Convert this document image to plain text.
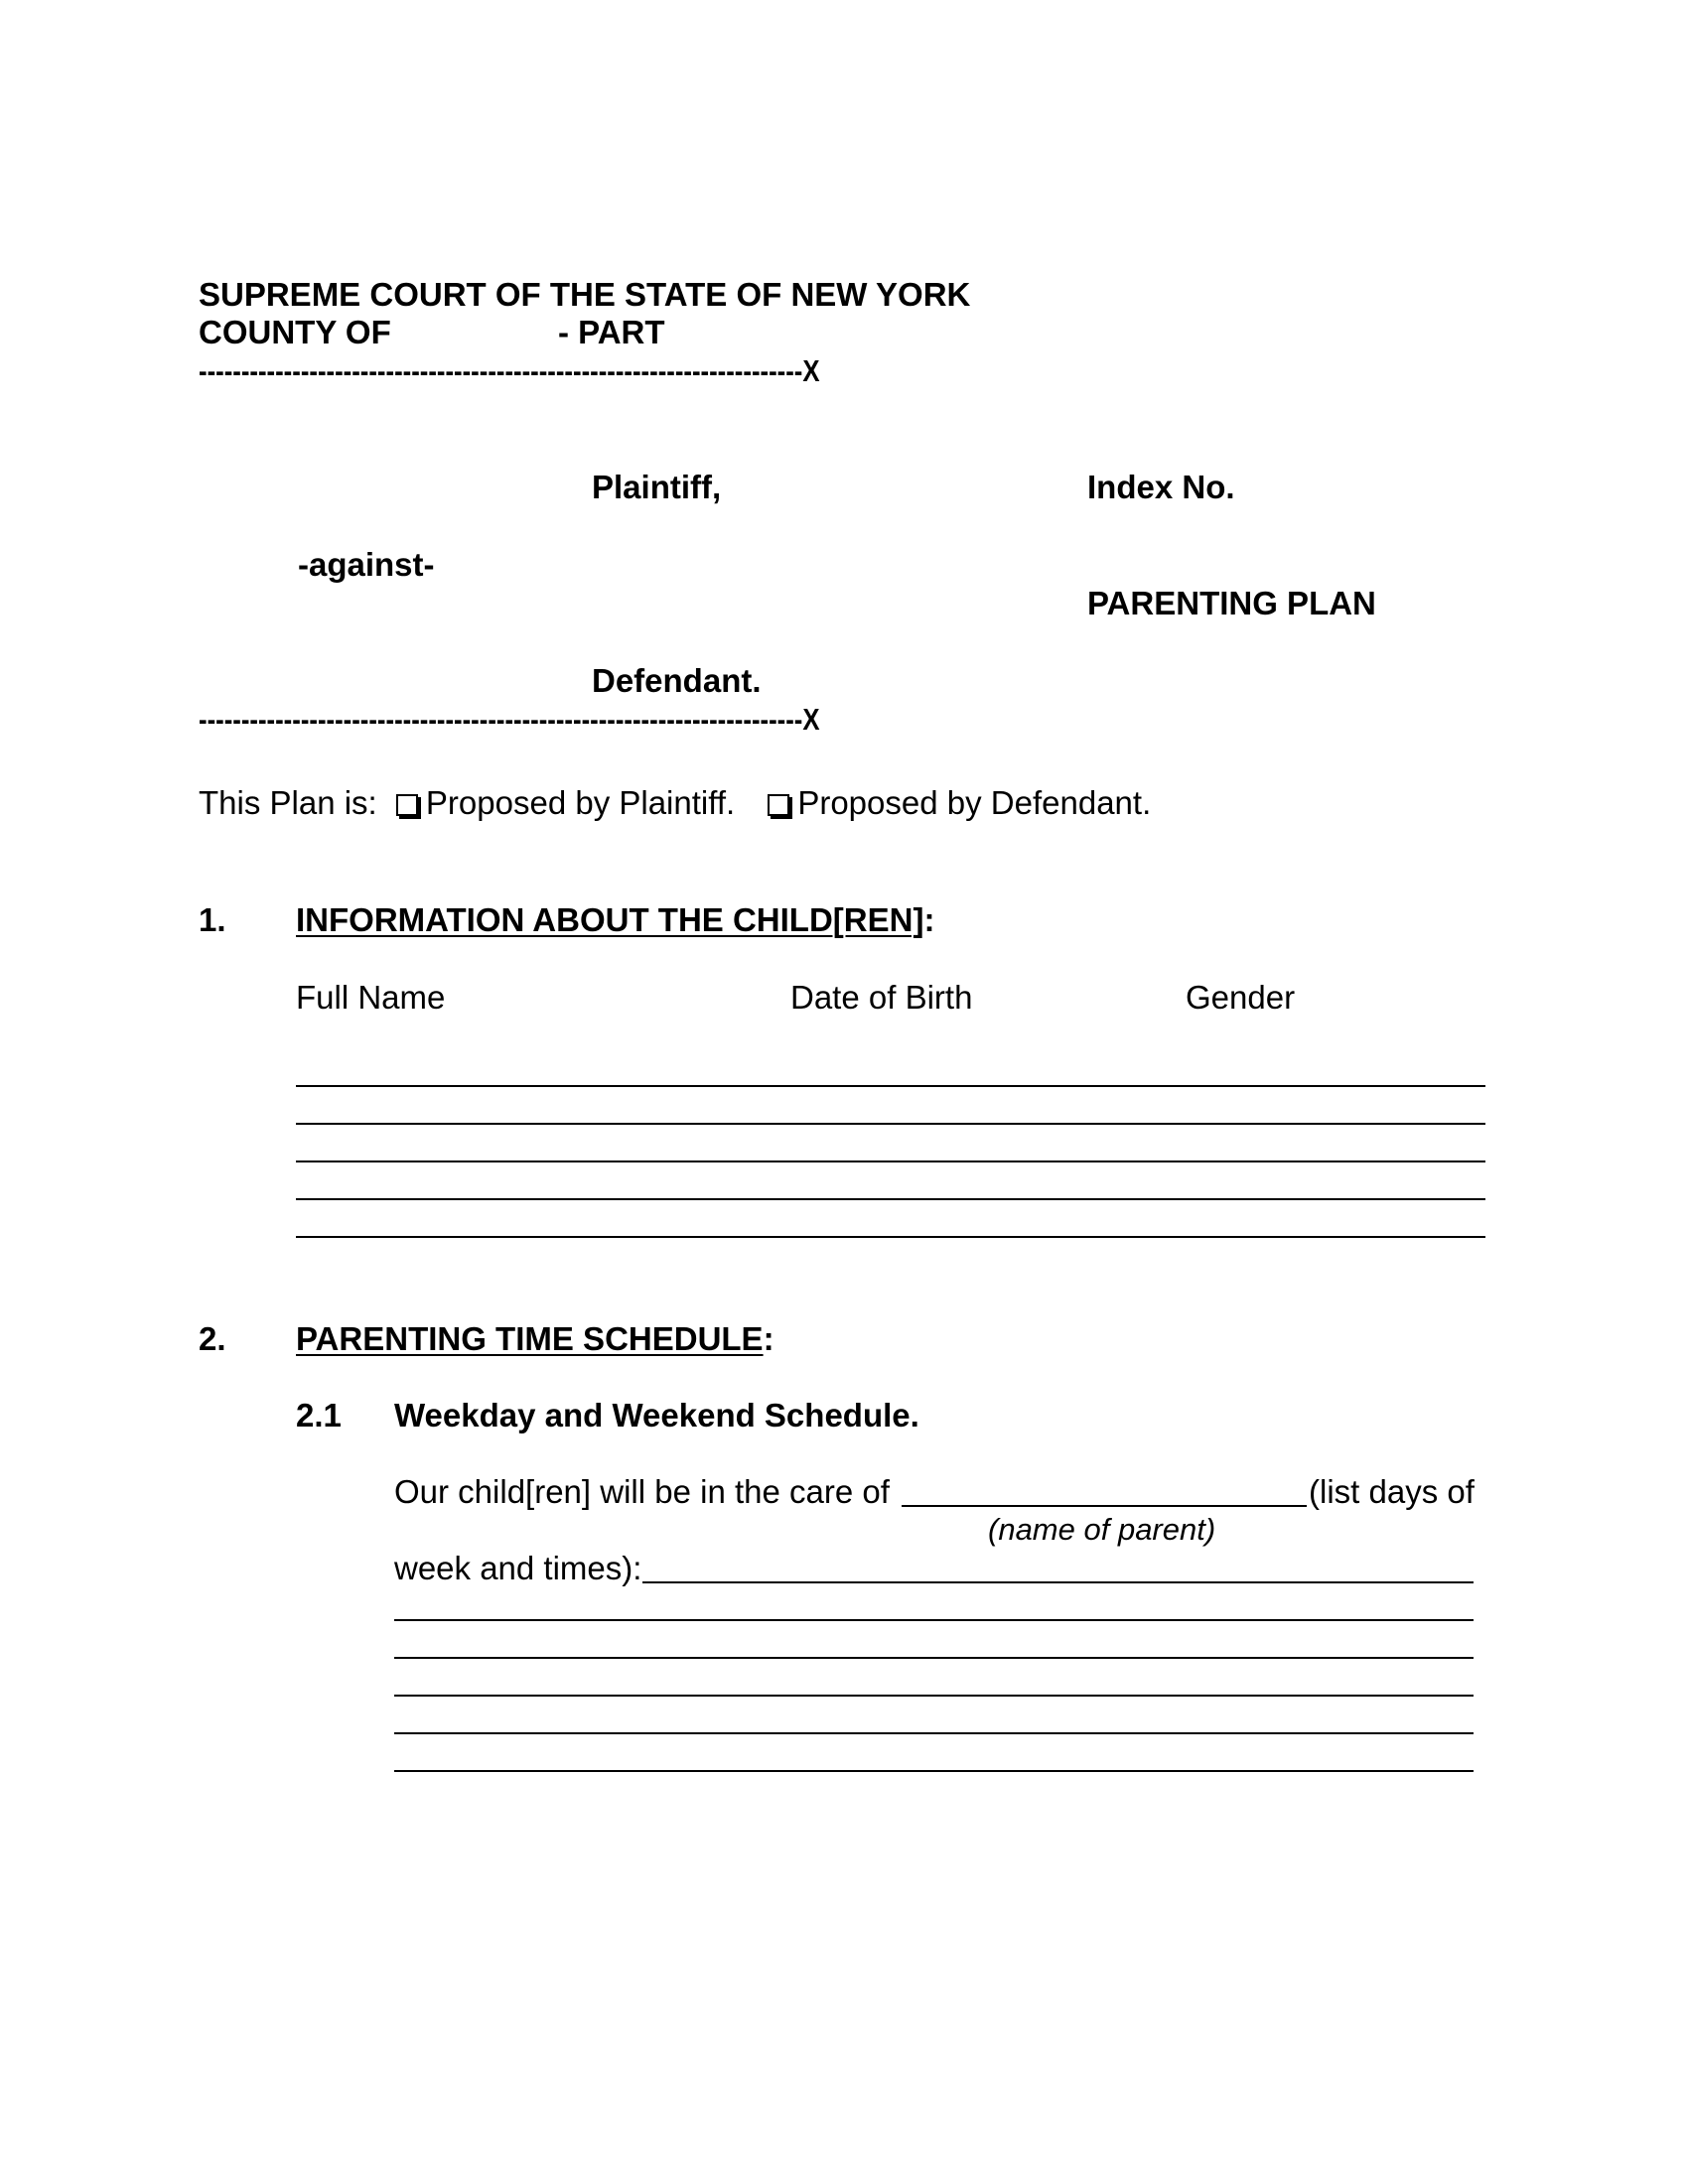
SUPREME COURT OF THE STATE OF NEW YORK
COUNTY OF	- PART
-----------------------------------------------------------------------X
Plaintiff,	Index No.
-against-
PARENTING PLAN
Defendant.
-----------------------------------------------------------------------X
This Plan is: Proposed by Plaintiff. Proposed by Defendant.
1. INFORMATION ABOUT THE CHILD[REN]:
Full Name	Date of Birth	Gender
2. PARENTING TIME SCHEDULE:
2.1 Weekday and Weekend Schedule.
Our child[ren] will be in the care of	(list days of
(name of parent)
week and times):
